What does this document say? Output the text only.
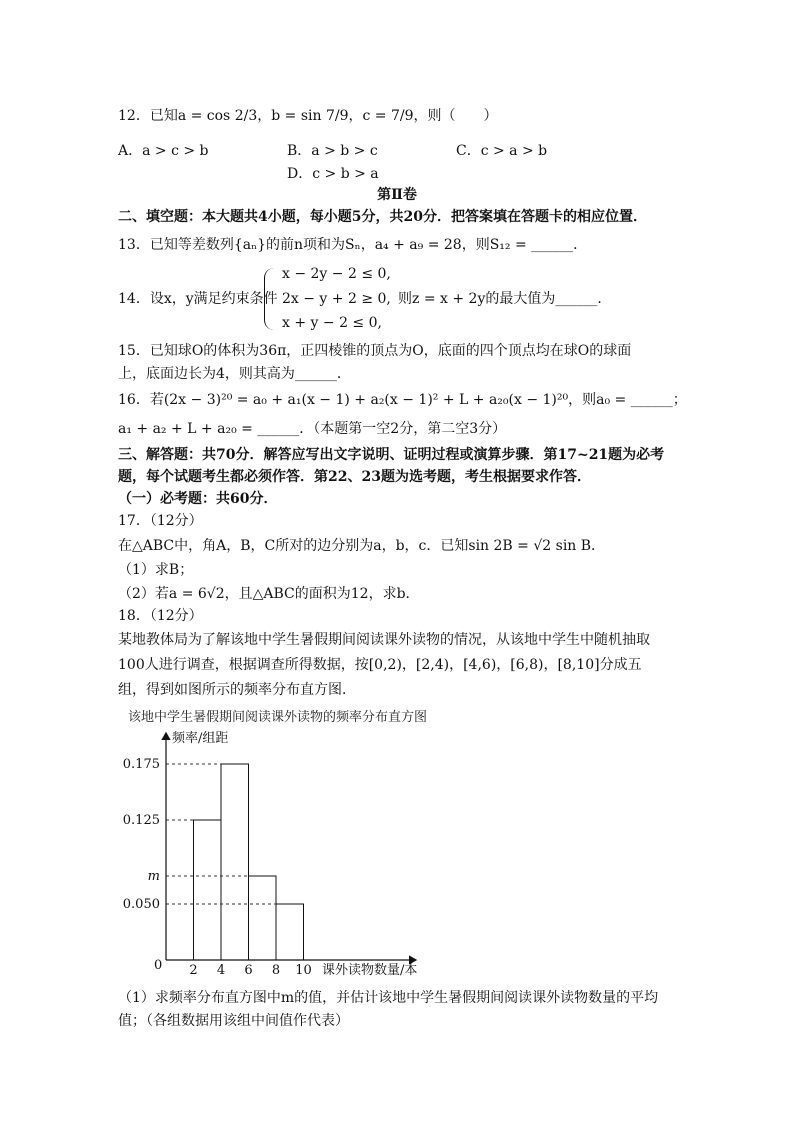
12．已知a = cos 2/3，b = sin 7/9，c = 7/9，则（　　）
A．a > c > b	B．a > b > c	C．c > a > b
D．c > b > a
第Ⅱ卷
二、填空题：本大题共4小题，每小题5分，共20分．把答案填在答题卡的相应位置．
13．已知等差数列{aₙ}的前n项和为Sₙ，a₄ + a₉ = 28，则S₁₂ = ______．
14．设x，y满足约束条件
x − 2y − 2 ≤ 0,
2x − y + 2 ≥ 0,
x + y − 2 ≤ 0,
则z = x + 2y的最大值为______．
15．已知球O的体积为36π，正四棱锥的顶点为O，底面的四个顶点均在球O的球面
上，底面边长为4，则其高为______．
16．若(2x − 3)²⁰ = a₀ + a₁(x − 1) + a₂(x − 1)² + L + a₂₀(x − 1)²⁰，则a₀ = ______；
a₁ + a₂ + L + a₂₀ = ______．（本题第一空2分，第二空3分）
三、解答题：共70分．解答应写出文字说明、证明过程或演算步骤．第17~21题为必考
题，每个试题考生都必须作答．第22、23题为选考题，考生根据要求作答．
（一）必考题：共60分．
17．（12分）
在△ABC中，角A，B，C所对的边分别为a，b，c．已知sin 2B = √2 sin B．
（1）求B；
（2）若a = 6√2，且△ABC的面积为12，求b．
18．（12分）
某地教体局为了解该地中学生暑假期间阅读课外读物的情况，从该地中学生中随机抽取
100人进行调查，根据调查所得数据，按[0,2)，[2,4)，[4,6)，[6,8)，[8,10]分成五
组，得到如图所示的频率分布直方图．
该地中学生暑假期间阅读课外读物的频率分布直方图
频率/组距
课外读物数量/本
0
0.125
0.175
m
0.050
2 4 6 8 10
（1）求频率分布直方图中m的值，并估计该地中学生暑假期间阅读课外读物数量的平均
值；（各组数据用该组中间值作代表）
